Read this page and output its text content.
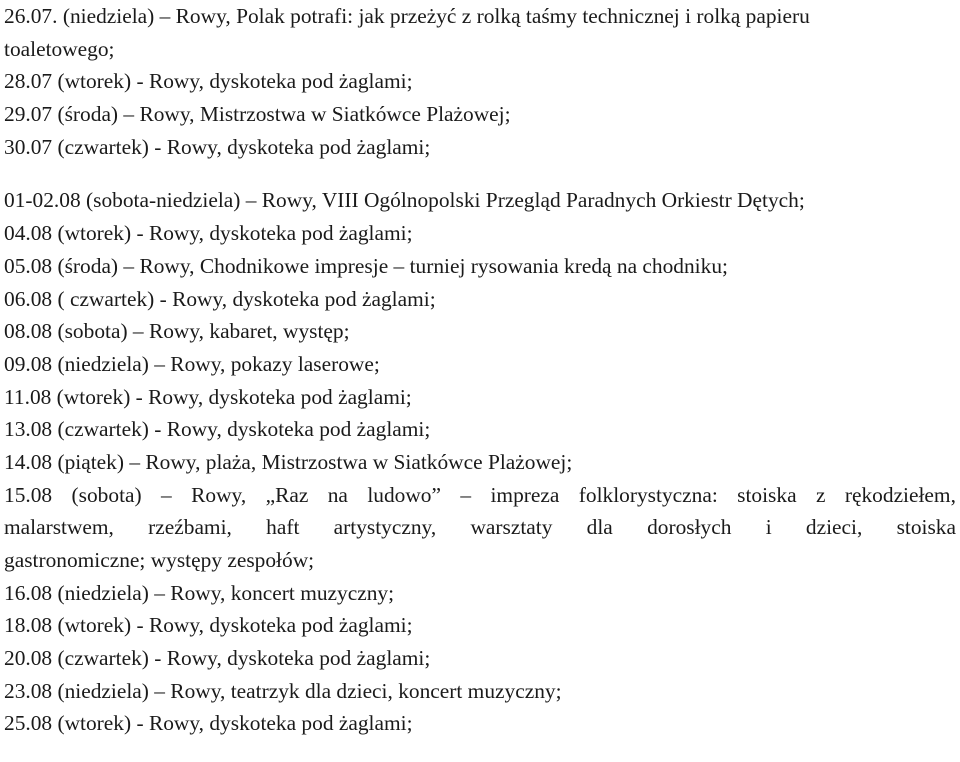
26.07. (niedziela) – Rowy, Polak potrafi: jak przeżyć z rolką taśmy technicznej i rolką papieru
toaletowego;
28.07 (wtorek) - Rowy, dyskoteka pod żaglami;
29.07 (środa) – Rowy, Mistrzostwa w Siatkówce Plażowej;
30.07 (czwartek) - Rowy, dyskoteka pod żaglami;
01-02.08 (sobota-niedziela) – Rowy, VIII Ogólnopolski Przegląd Paradnych Orkiestr Dętych;
04.08 (wtorek) - Rowy, dyskoteka pod żaglami;
05.08 (środa) – Rowy, Chodnikowe impresje – turniej rysowania kredą na chodniku;
06.08 ( czwartek) - Rowy, dyskoteka pod żaglami;
08.08 (sobota) – Rowy, kabaret, występ;
09.08 (niedziela) – Rowy, pokazy laserowe;
11.08 (wtorek) - Rowy, dyskoteka pod żaglami;
13.08 (czwartek) - Rowy, dyskoteka pod żaglami;
14.08 (piątek) – Rowy, plaża, Mistrzostwa w Siatkówce Plażowej;
15.08 (sobota) – Rowy, „Raz na ludowo” – impreza folklorystyczna: stoiska z rękodziełem,
malarstwem, rzeźbami, haft artystyczny, warsztaty dla dorosłych i dzieci, stoiska
gastronomiczne; występy zespołów;
16.08 (niedziela) – Rowy, koncert muzyczny;
18.08 (wtorek) - Rowy, dyskoteka pod żaglami;
20.08 (czwartek) - Rowy, dyskoteka pod żaglami;
23.08 (niedziela) – Rowy, teatrzyk dla dzieci, koncert muzyczny;
25.08 (wtorek) - Rowy, dyskoteka pod żaglami;
